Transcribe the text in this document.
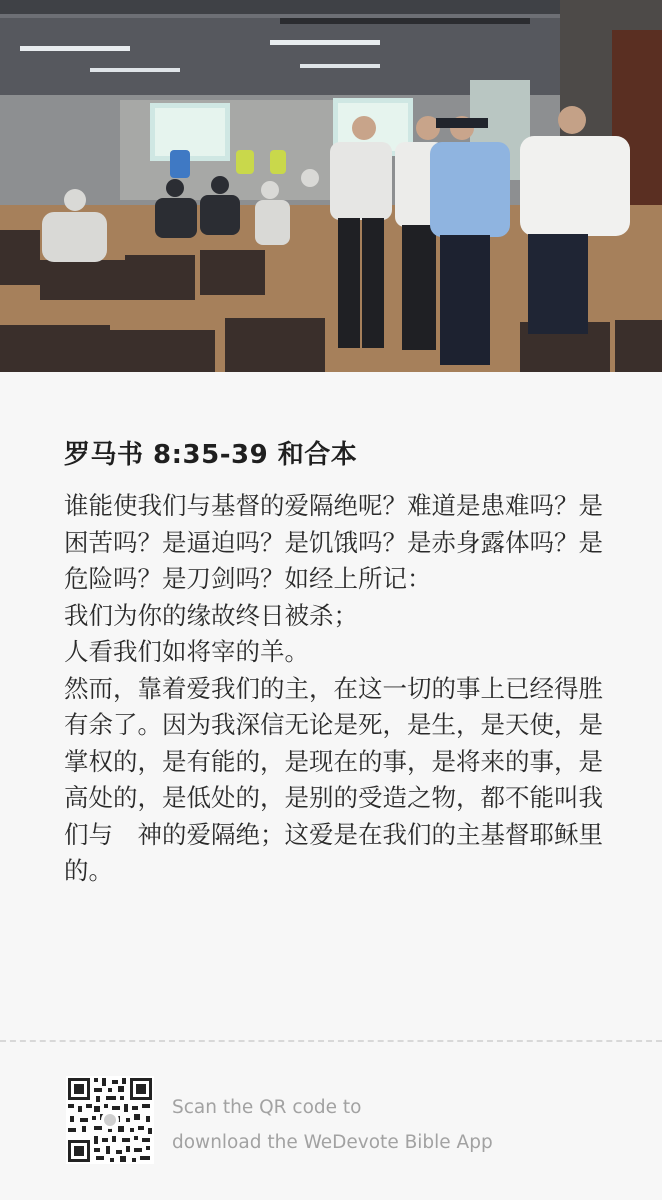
罗马书 8:35-39 和合本

谁能使我们与基督的爱隔绝呢？难道是患难吗？是困苦吗？是逼迫吗？是饥饿吗？是赤身露体吗？是危险吗？是刀剑吗？如经上所记：

我们为你的缘故终日被杀；

人看我们如将宰的羊。

然而，靠着爱我们的主，在这一切的事上已经得胜有余了。因为我深信无论是死，是生，是天使，是掌权的，是有能的，是现在的事，是将来的事，是高处的，是低处的，是别的受造之物，都不能叫我们与　神的爱隔绝；这爱是在我们的主基督耶稣里的。

Scan the QR code to
download the WeDevote Bible App
